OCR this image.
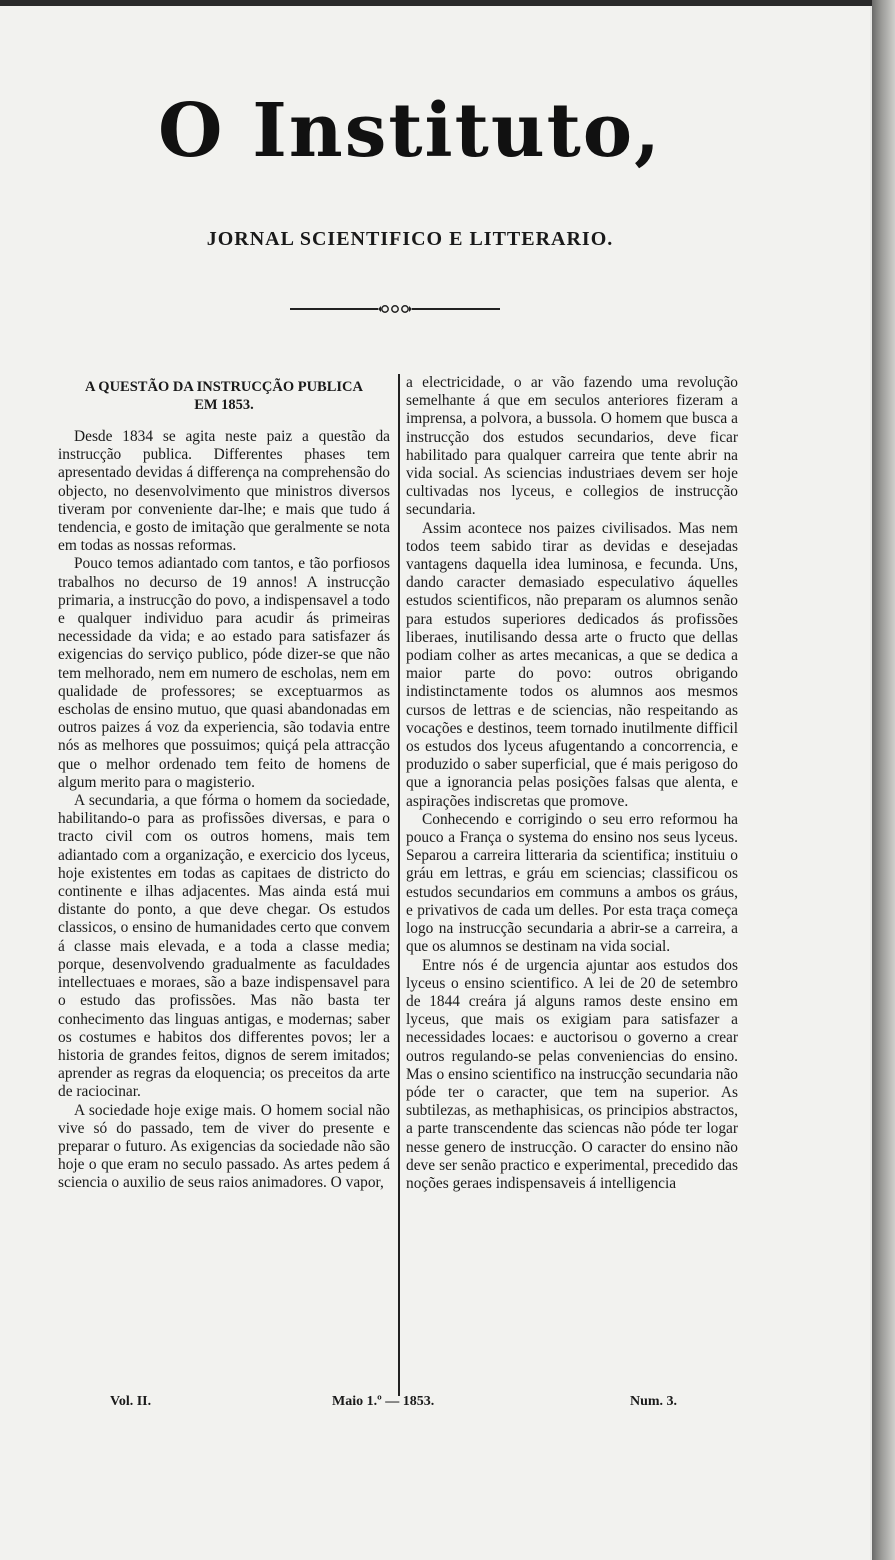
O Instituto,
JORNAL SCIENTIFICO E LITTERARIO.
A QUESTÃO DA INSTRUCÇÃO PUBLICA
EM 1853.

Desde 1834 se agita neste paiz a questão da instrucção publica. Differentes phases tem apresentado devidas á differença na comprehensão do objecto, no desenvolvimento que ministros diversos tiveram por conveniente dar-lhe; e mais que tudo á tendencia, e gosto de imitação que geralmente se nota em todas as nossas reformas.

Pouco temos adiantado com tantos, e tão porfiosos trabalhos no decurso de 19 annos! A instrucção primaria, a instrucção do povo, a indispensavel a todo e qualquer individuo para acudir ás primeiras necessidade da vida; e ao estado para satisfazer ás exigencias do serviço publico, póde dizer-se que não tem melhorado, nem em numero de escholas, nem em qualidade de professores; se exceptuarmos as escholas de ensino mutuo, que quasi abandonadas em outros paizes á voz da experiencia, são todavia entre nós as melhores que possuimos; quiçá pela attracção que o melhor ordenado tem feito de homens de algum merito para o magisterio.

A secundaria, a que fórma o homem da sociedade, habilitando-o para as profissões diversas, e para o tracto civil com os outros homens, mais tem adiantado com a organização, e exercicio dos lyceus, hoje existentes em todas as capitaes de districto do continente e ilhas adjacentes. Mas ainda está mui distante do ponto, a que deve chegar. Os estudos classicos, o ensino de humanidades certo que convem á classe mais elevada, e a toda a classe media; porque, desenvolvendo gradualmente as faculdades intellectuaes e moraes, são a baze indispensavel para o estudo das profissões. Mas não basta ter conhecimento das linguas antigas, e modernas; saber os costumes e habitos dos differentes povos; ler a historia de grandes feitos, dignos de serem imitados; aprender as regras da eloquencia; os preceitos da arte de raciocinar.

A sociedade hoje exige mais. O homem social não vive só do passado, tem de viver do presente e preparar o futuro. As exigencias da sociedade não são hoje o que eram no seculo passado. As artes pedem á sciencia o auxilio de seus raios animadores. O vapor,

a electricidade, o ar vão fazendo uma revolução semelhante á que em seculos anteriores fizeram a imprensa, a polvora, a bussola. O homem que busca a instrucção dos estudos secundarios, deve ficar habilitado para qualquer carreira que tente abrir na vida social. As sciencias industriaes devem ser hoje cultivadas nos lyceus, e collegios de instrucção secundaria.

Assim acontece nos paizes civilisados. Mas nem todos teem sabido tirar as devidas e desejadas vantagens daquella idea luminosa, e fecunda. Uns, dando caracter demasiado especulativo áquelles estudos scientificos, não preparam os alumnos senão para estudos superiores dedicados ás profissões liberaes, inutilisando dessa arte o fructo que dellas podiam colher as artes mecanicas, a que se dedica a maior parte do povo: outros obrigando indistinctamente todos os alumnos aos mesmos cursos de lettras e de sciencias, não respeitando as vocações e destinos, teem tornado inutilmente difficil os estudos dos lyceus afugentando a concorrencia, e produzido o saber superficial, que é mais perigoso do que a ignorancia pelas posições falsas que alenta, e aspirações indiscretas que promove.

Conhecendo e corrigindo o seu erro reformou ha pouco a França o systema do ensino nos seus lyceus. Separou a carreira litteraria da scientifica; instituiu o gráu em lettras, e gráu em sciencias; classificou os estudos secundarios em communs a ambos os gráus, e privativos de cada um delles. Por esta traça começa logo na instrucção secundaria a abrir-se a carreira, a que os alumnos se destinam na vida social.

Entre nós é de urgencia ajuntar aos estudos dos lyceus o ensino scientifico. A lei de 20 de setembro de 1844 creára já alguns ramos deste ensino em lyceus, que mais os exigiam para satisfazer a necessidades locaes: e auctorisou o governo a crear outros regulando-se pelas conveniencias do ensino. Mas o ensino scientifico na instrucção secundaria não póde ter o caracter, que tem na superior. As subtilezas, as methaphisicas, os principios abstractos, a parte transcendente das sciencas não póde ter logar nesse genero de instrucção. O caracter do ensino não deve ser senão practico e experimental, precedido das noções geraes indispensaveis á intelligencia

Vol. II.	Maio 1.º — 1853.	Num. 3.
